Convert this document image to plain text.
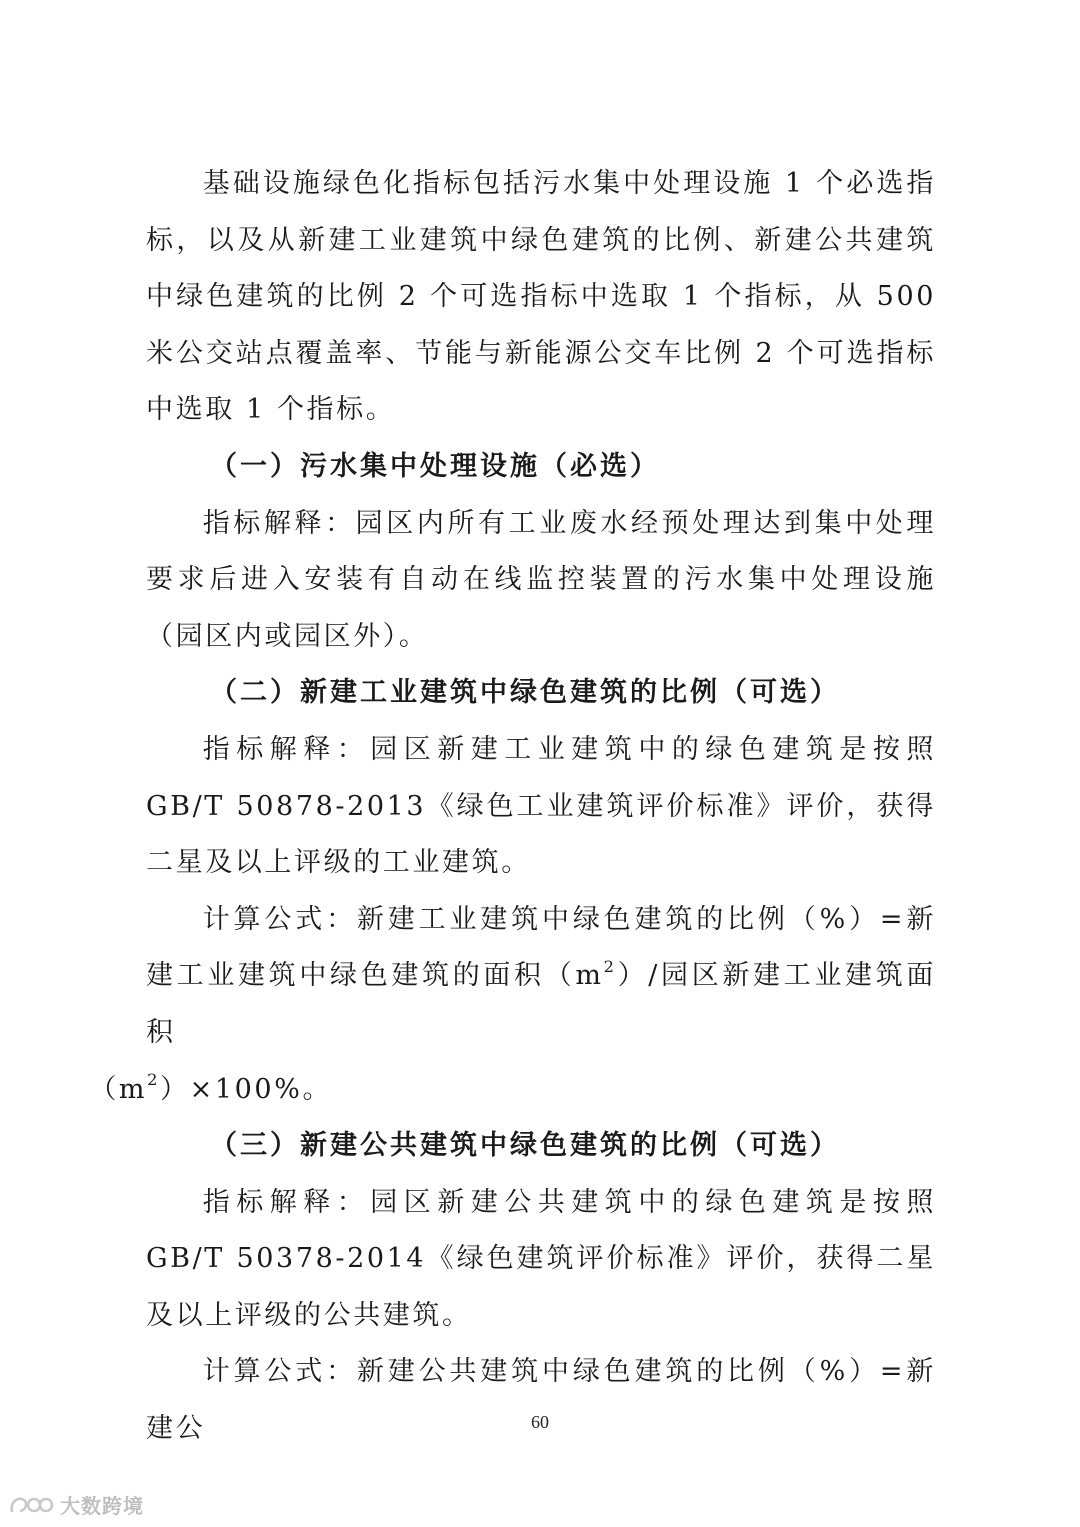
基础设施绿色化指标包括污水集中处理设施 1 个必选指标，以及从新建工业建筑中绿色建筑的比例、新建公共建筑中绿色建筑的比例 2 个可选指标中选取 1 个指标，从 500 米公交站点覆盖率、节能与新能源公交车比例 2 个可选指标中选取 1 个指标。

（一）污水集中处理设施（必选）

指标解释：园区内所有工业废水经预处理达到集中处理要求后进入安装有自动在线监控装置的污水集中处理设施（园区内或园区外）。

（二）新建工业建筑中绿色建筑的比例（可选）

指标解释：园区新建工业建筑中的绿色建筑是按照 GB/T 50878-2013《绿色工业建筑评价标准》评价，获得二星及以上评级的工业建筑。

计算公式：新建工业建筑中绿色建筑的比例（%）=新建工业建筑中绿色建筑的面积$(m^2)/$园区新建工业建筑面积
$(m^2)\times 100\%$。

（三）新建公共建筑中绿色建筑的比例（可选）

指标解释：园区新建公共建筑中的绿色建筑是按照 GB/T 50378-2014《绿色建筑评价标准》评价，获得二星及以上评级的公共建筑。

计算公式：新建公共建筑中绿色建筑的比例（%）=新建公	60
大数跨境
